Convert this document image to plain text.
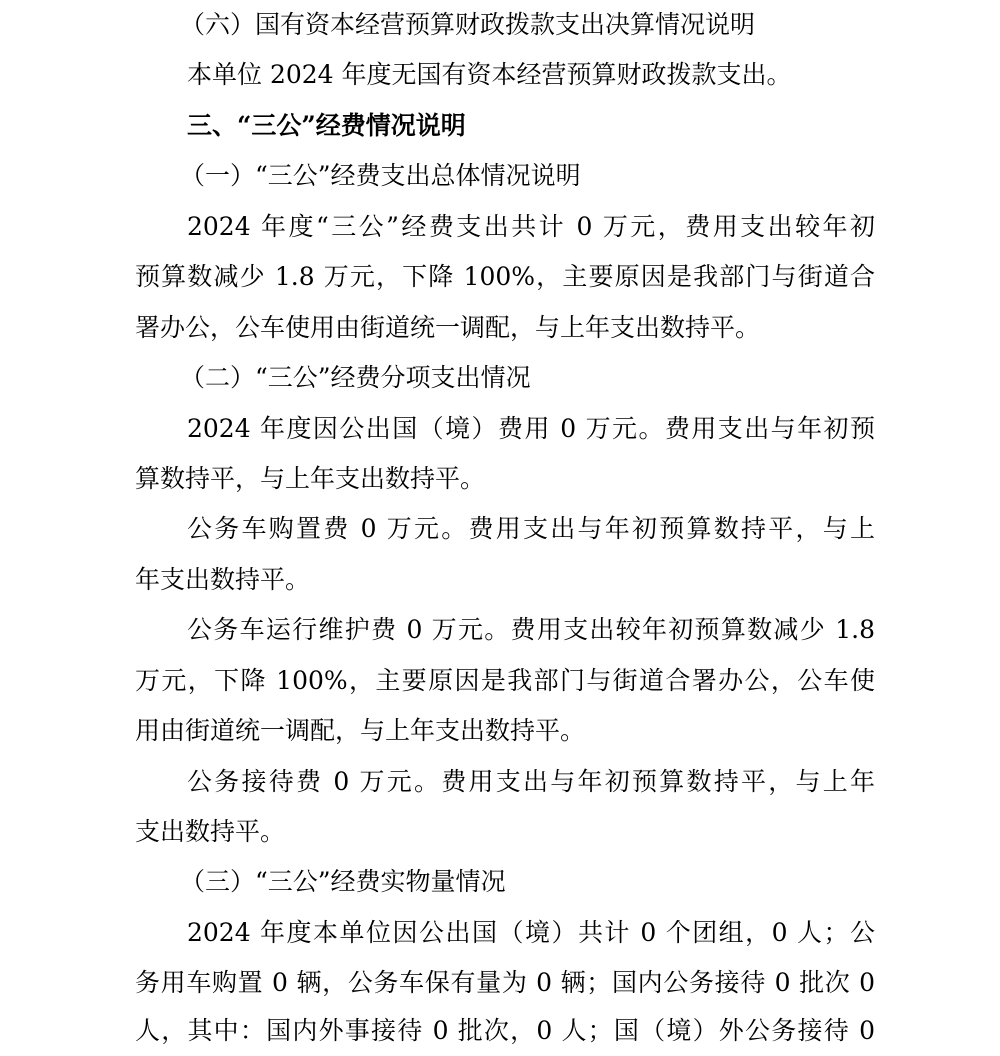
（六）国有资本经营预算财政拨款支出决算情况说明
本单位 2024 年度无国有资本经营预算财政拨款支出。
三、“三公”经费情况说明
（一）“三公”经费支出总体情况说明
2024 年度“三公”经费支出共计 0 万元，费用支出较年初
预算数减少 1.8 万元，下降 100%，主要原因是我部门与街道合
署办公，公车使用由街道统一调配，与上年支出数持平。
（二）“三公”经费分项支出情况
2024 年度因公出国（境）费用 0 万元。费用支出与年初预
算数持平，与上年支出数持平。
公务车购置费 0 万元。费用支出与年初预算数持平，与上
年支出数持平。
公务车运行维护费 0 万元。费用支出较年初预算数减少 1.8
万元，下降 100%，主要原因是我部门与街道合署办公，公车使
用由街道统一调配，与上年支出数持平。
公务接待费 0 万元。费用支出与年初预算数持平，与上年
支出数持平。
（三）“三公”经费实物量情况
2024 年度本单位因公出国（境）共计 0 个团组，0 人；公
务用车购置 0 辆，公务车保有量为 0 辆；国内公务接待 0 批次 0
人，其中：国内外事接待 0 批次，0 人；国（境）外公务接待 0
